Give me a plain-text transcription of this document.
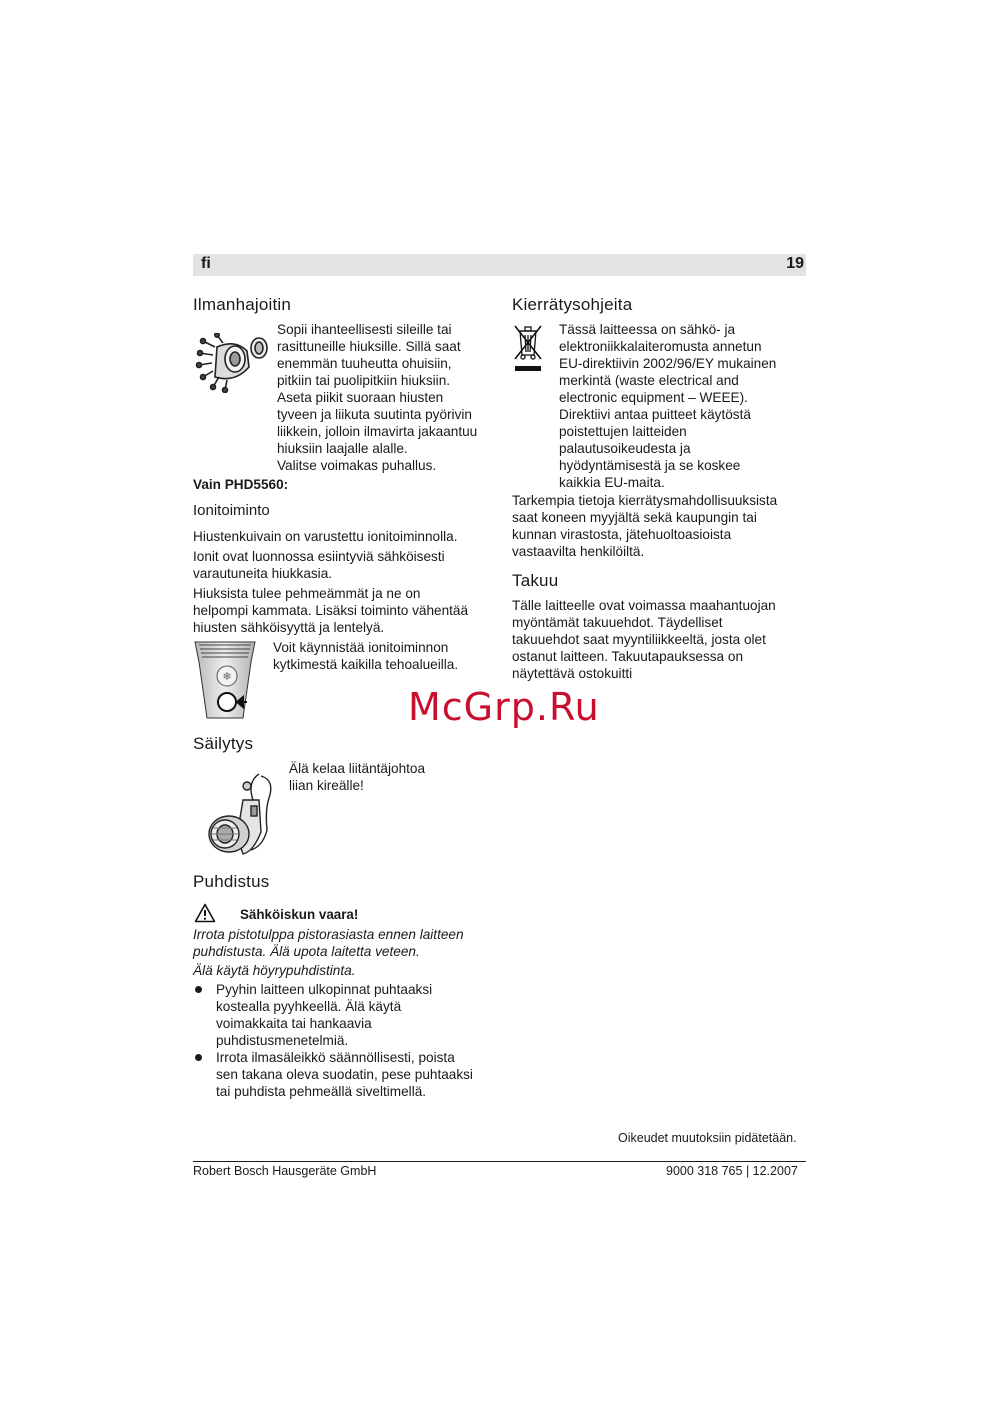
fi	19
Ilmanhajoitin
Sopii ihanteellisesti sileille tai
rasittuneille hiuksille. Sillä saat
enemmän tuuheutta ohuisiin,
pitkiin tai puolipitkiin hiuksiin.
Aseta piikit suoraan hiusten
tyveen ja liikuta suutinta pyörivin
liikkein, jolloin ilmavirta jakaantuu
hiuksiin laajalle alalle.
Valitse voimakas puhallus.
Vain PHD5560:
Ionitoiminto
Hiustenkuivain on varustettu ionitoiminnolla.
Ionit ovat luonnossa esiintyviä sähköisesti
varautuneita hiukkasia.
Hiuksista tulee pehmeämmät ja ne on
helpompi kammata. Lisäksi toiminto vähentää
hiusten sähköisyyttä ja lentelyä.
❄
Voit käynnistää ionitoiminnon
kytkimestä kaikilla tehoalueilla.
Säilytys
Älä kelaa liitäntäjohtoa
liian kireälle!
Puhdistus
Sähköiskun vaara!
Irrota pistotulppa pistorasiasta ennen laitteen
puhdistusta. Älä upota laitetta veteen.
Älä käytä höyrypuhdistinta.
Pyyhin laitteen ulkopinnat puhtaaksi
kostealla pyyhkeellä. Älä käytä
voimakkaita tai hankaavia
puhdistusmenetelmiä.
Irrota ilmasäleikkö säännöllisesti, poista
sen takana oleva suodatin, pese puhtaaksi
tai puhdista pehmeällä siveltimellä.
Kierrätysohjeita
Tässä laitteessa on sähkö- ja
elektroniikkalaiteromusta annetun
EU-direktiivin 2002/96/EY mukainen
merkintä (waste electrical and
electronic equipment – WEEE).
Direktiivi antaa puitteet käytöstä
poistettujen laitteiden
palautusoikeudesta ja
hyödyntämisestä ja se koskee
kaikkia EU-maita.
Tarkempia tietoja kierrätysmahdollisuuksista
saat koneen myyjältä sekä kaupungin tai
kunnan virastosta, jätehuoltoasioista
vastaavilta henkilöiltä.
Takuu
Tälle laitteelle ovat voimassa maahantuojan
myöntämät takuuehdot. Täydelliset
takuuehdot saat myyntiliikkeeltä, josta olet
ostanut laitteen. Takuutapauksessa on
näytettävä ostokuitti
McGrp.Ru
Oikeudet muutoksiin pidätetään.
Robert Bosch Hausgeräte GmbH	9000 318 765 | 12.2007
